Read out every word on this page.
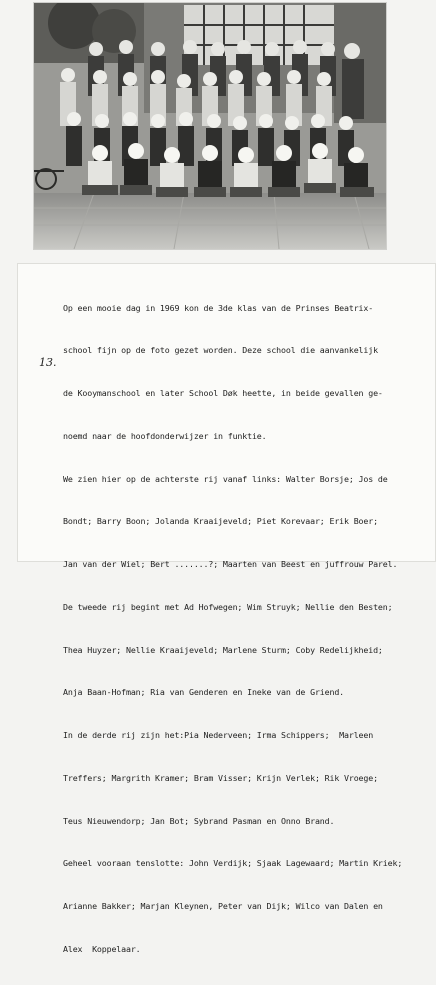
13.

Op een mooie dag in 1969 kon de 3de klas van de Prinses Beatrix-

school fijn op de foto gezet worden. Deze school die aanvankelijk

de Kooymanschool en later School Døk heette, in beide gevallen ge-

noemd naar de hoofdonderwijzer in funktie.

We zien hier op de achterste rij vanaf links: Walter Borsje; Jos de

Bondt; Barry Boon; Jolanda Kraaijeveld; Piet Korevaar; Erik Boer;

Jan van der Wiel; Bert .......?; Maarten van Beest en juffrouw Parel.

De tweede rij begint met Ad Hofwegen; Wim Struyk; Nellie den Besten;

Thea Huyzer; Nellie Kraaijeveld; Marlene Sturm; Coby Redelijkheid;

Anja Baan-Hofman; Ria van Genderen en Ineke van de Griend.

In de derde rij zijn het:Pia Nederveen; Irma Schippers;  Marleen

Treffers; Margrith Kramer; Bram Visser; Krijn Verlek; Rik Vroege;

Teus Nieuwendorp; Jan Bot; Sybrand Pasman en Onno Brand.

Geheel vooraan tenslotte: John Verdijk; Sjaak Lagewaard; Martin Kriek;

Arianne Bakker; Marjan Kleynen, Peter van Dijk; Wilco van Dalen en

Alex  Koppelaar.
